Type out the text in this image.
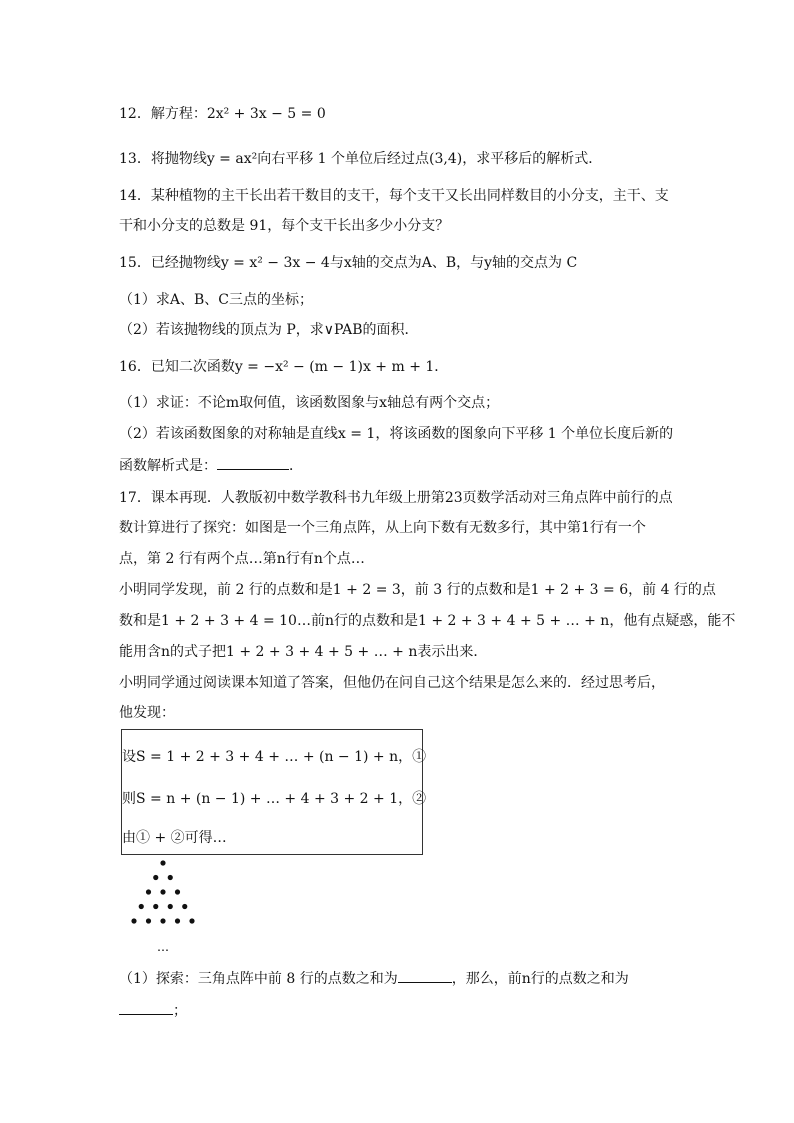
12．解方程：2x² + 3x − 5 = 0
13．将抛物线y = ax²向右平移 1 个单位后经过点(3,4)，求平移后的解析式．
14．某种植物的主干长出若干数目的支干，每个支干又长出同样数目的小分支，主干、支
干和小分支的总数是 91，每个支干长出多少小分支？
15．已经抛物线y = x² − 3x − 4与x轴的交点为A、B，与y轴的交点为 C
（1）求A、B、C三点的坐标；
（2）若该抛物线的顶点为 P，求∨PAB的面积．
16．已知二次函数y = −x² − (m − 1)x + m + 1．
（1）求证：不论m取何值，该函数图象与x轴总有两个交点；
（2）若该函数图象的对称轴是直线x = 1，将该函数的图象向下平移 1 个单位长度后新的
函数解析式是：	．
17．课本再现．人教版初中数学教科书九年级上册第23页数学活动对三角点阵中前行的点
数计算进行了探究：如图是一个三角点阵，从上向下数有无数多行，其中第1行有一个
点，第 2 行有两个点…第n行有n个点…
小明同学发现，前 2 行的点数和是1 + 2 = 3，前 3 行的点数和是1 + 2 + 3 = 6，前 4 行的点
数和是1 + 2 + 3 + 4 = 10…前n行的点数和是1 + 2 + 3 + 4 + 5 + … + n，他有点疑惑，能不
能用含n的式子把1 + 2 + 3 + 4 + 5 + … + n表示出来．
小明同学通过阅读课本知道了答案，但他仍在问自己这个结果是怎么来的．经过思考后，
他发现：
设S = 1 + 2 + 3 + 4 + … + (n − 1) + n，①
则S = n + (n − 1) + … + 4 + 3 + 2 + 1，②
由① + ②可得…
…
（1）探索：三角点阵中前 8 行的点数之和为	，那么，前n行的点数之和为
；
